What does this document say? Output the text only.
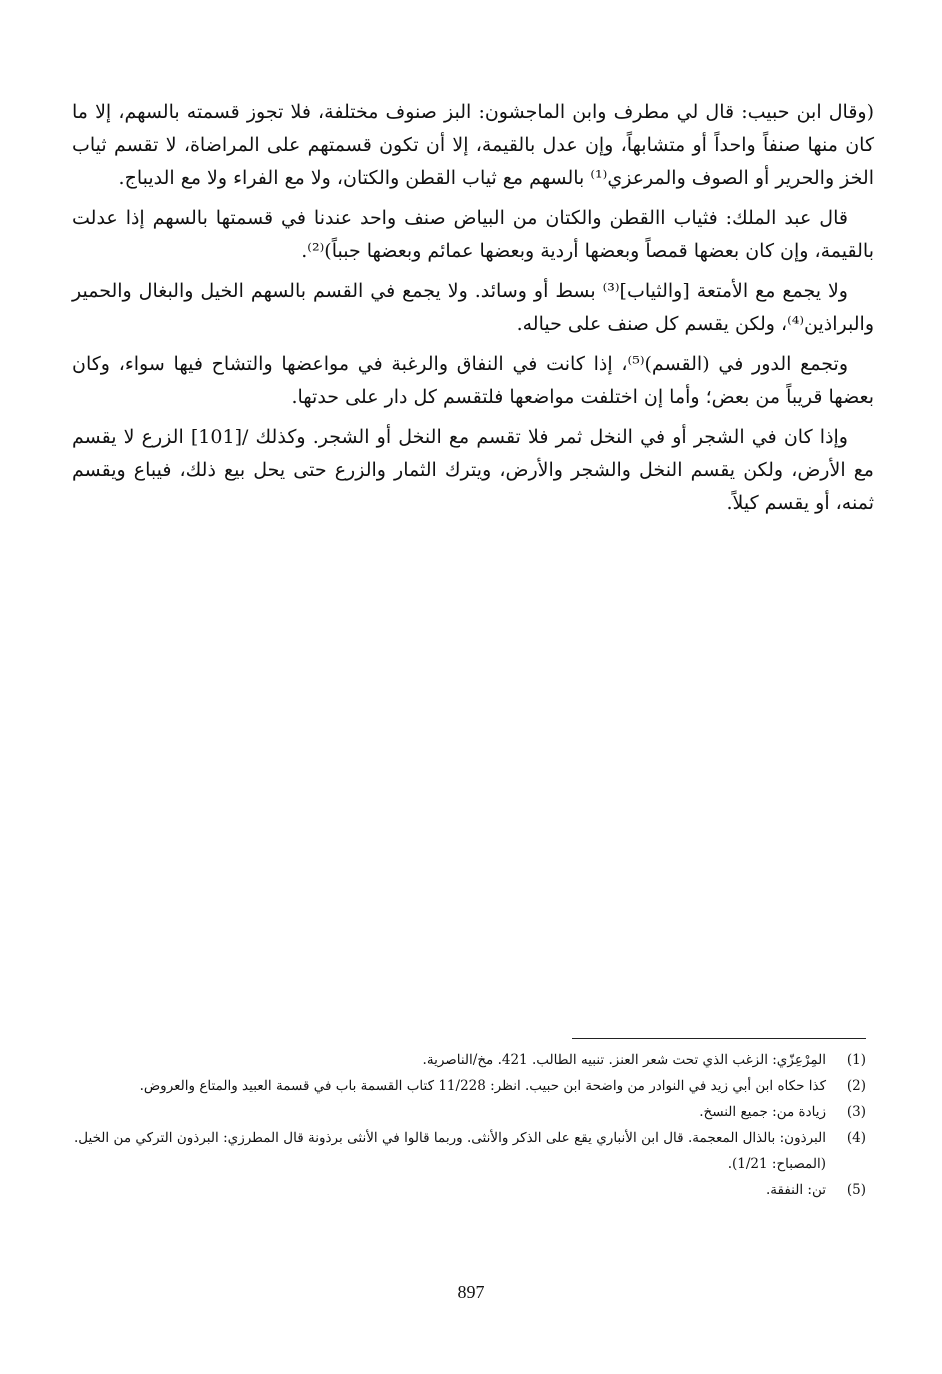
(وقال ابن حبيب: قال لي مطرف وابن الماجشون: البز صنوف مختلفة، فلا تجوز قسمته بالسهم، إلا ما كان منها صنفاً واحداً أو متشابهاً، وإن عدل بالقيمة، إلا أن تكون قسمتهم على المراضاة، لا تقسم ثياب الخز والحرير أو الصوف والمرعزي⁽¹⁾ بالسهم مع ثياب القطن والكتان، ولا مع الفراء ولا مع الديباج.

قال عبد الملك: فثياب االقطن والكتان من البياض صنف واحد عندنا في قسمتها بالسهم إذا عدلت بالقيمة، وإن كان بعضها قمصاً وبعضها أردية وبعضها عمائم وبعضها جبباً)⁽²⁾.

ولا يجمع مع الأمتعة [والثياب]⁽³⁾ بسط أو وسائد. ولا يجمع في القسم بالسهم الخيل والبغال والحمير والبراذين⁽⁴⁾، ولكن يقسم كل صنف على حياله.

وتجمع الدور في (القسم)⁽⁵⁾، إذا كانت في النفاق والرغبة في مواعضها والتشاح فيها سواء، وكان بعضها قريباً من بعض؛ وأما إن اختلفت مواضعها فلتقسم كل دار على حدتها.

وإذا كان في الشجر أو في النخل ثمر فلا تقسم مع النخل أو الشجر. وكذلك /[101] الزرع لا يقسم مع الأرض، ولكن يقسم النخل والشجر والأرض، ويترك الثمار والزرع حتى يحل بيع ذلك، فيباع ويقسم ثمنه، أو يقسم كيلاً.

(1)
المِرْعِزّي: الزغب الذي تحت شعر العنز. تنبيه الطالب. 421. مخ/الناصرية.
(2)
كذا حكاه ابن أبي زيد في النوادر من واضحة ابن حبيب. انظر: 11/228 كتاب القسمة باب في قسمة العبيد والمتاع والعروض.
(3)
زيادة من: جميع النسخ.
(4)
البرذون: بالذال المعجمة. قال ابن الأنباري يقع على الذكر والأنثى. وربما قالوا في الأنثى برذونة قال المطرزي: البرذون التركي من الخيل. (المصباح: 1/21).
(5)
تن: النفقة.
897
